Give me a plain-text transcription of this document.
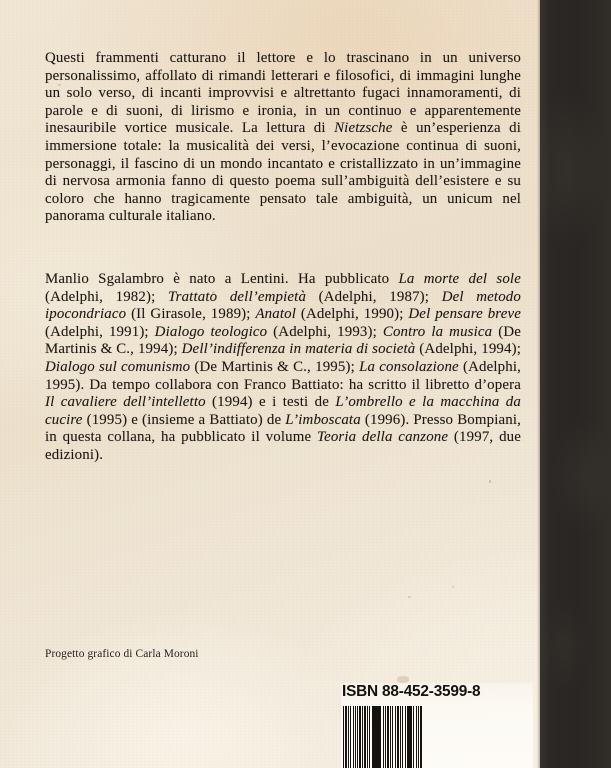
Questi frammenti catturano il lettore e lo trascinano in un universo personalissimo, affollato di rimandi letterari e filosofici, di immagini lunghe un solo verso, di incanti improvvisi e altrettanto fugaci innamoramenti, di parole e di suoni, di lirismo e ironia, in un continuo e apparentemente inesauribile vortice musicale. La lettura di Nietzsche è un’esperienza di immersione totale: la musicalità dei versi, l’evocazione continua di suoni, personaggi, il fascino di un mondo incantato e cristallizzato in un’immagine di nervosa armonia fanno di questo poema sull’ambiguità dell’esistere e su coloro che hanno tragicamente pensato tale ambiguità, un unicum nel panorama culturale italiano.

Manlio Sgalambro è nato a Lentini. Ha pubblicato La morte del sole (Adelphi, 1982); Trattato dell’empietà (Adelphi, 1987); Del metodo ipocondriaco (Il Girasole, 1989); Anatol (Adelphi, 1990); Del pensare breve (Adelphi, 1991); Dialogo teologico (Adelphi, 1993); Contro la musica (De Martinis & C., 1994); Dell’indifferenza in materia di società (Adelphi, 1994); Dialogo sul comunismo (De Martinis & C., 1995); La consolazione (Adelphi, 1995). Da tempo collabora con Franco Battiato: ha scritto il libretto d’opera Il cavaliere dell’intelletto (1994) e i testi de L’ombrello e la macchina da cucire (1995) e (insieme a Battiato) de L’imboscata (1996). Presso Bompiani, in questa collana, ha pubblicato il volume Teoria della canzone (1997, due edizioni).

Progetto grafico di Carla Moroni
ISBN 88-452-3599-8
